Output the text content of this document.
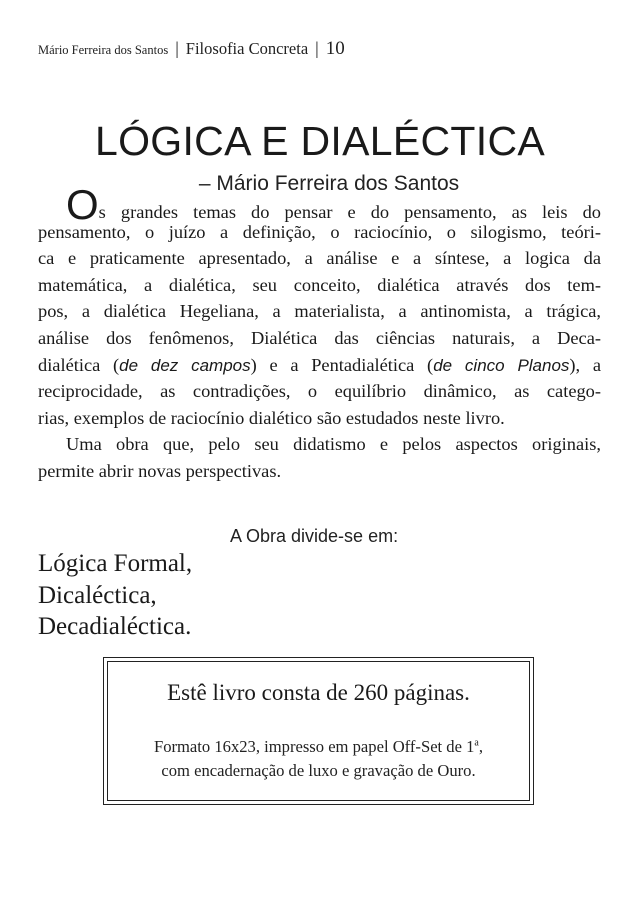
Mário Ferreira dos Santos | Filosofia Concreta | 10
LÓGICA E DIALÉCTICA
– Mário Ferreira dos Santos
Os grandes temas do pensar e do pensamento, as leis do
pensamento, o juízo a definição, o raciocínio, o silogismo, teóri-
ca e praticamente apresentado, a análise e a síntese, a logica da
matemática, a dialética, seu conceito, dialética através dos tem-
pos, a dialética Hegeliana, a materialista, a antinomista, a trágica,
análise dos fenômenos, Dialética das ciências naturais, a Deca-
dialética (de dez campos) e a Pentadialética (de cinco Planos), a
reciprocidade, as contradições, o equilíbrio dinâmico, as catego-
rias, exemplos de raciocínio dialético são estudados neste livro.
Uma obra que, pelo seu didatismo e pelos aspectos originais,
permite abrir novas perspectivas.
A Obra divide-se em:
Lógica Formal,
Dicaléctica,
Decadialéctica.
Estê livro consta de 260 páginas.
Formato 16x23, impresso em papel Off-Set de 1$^a$,
com encadernação de luxo e gravação de Ouro.
